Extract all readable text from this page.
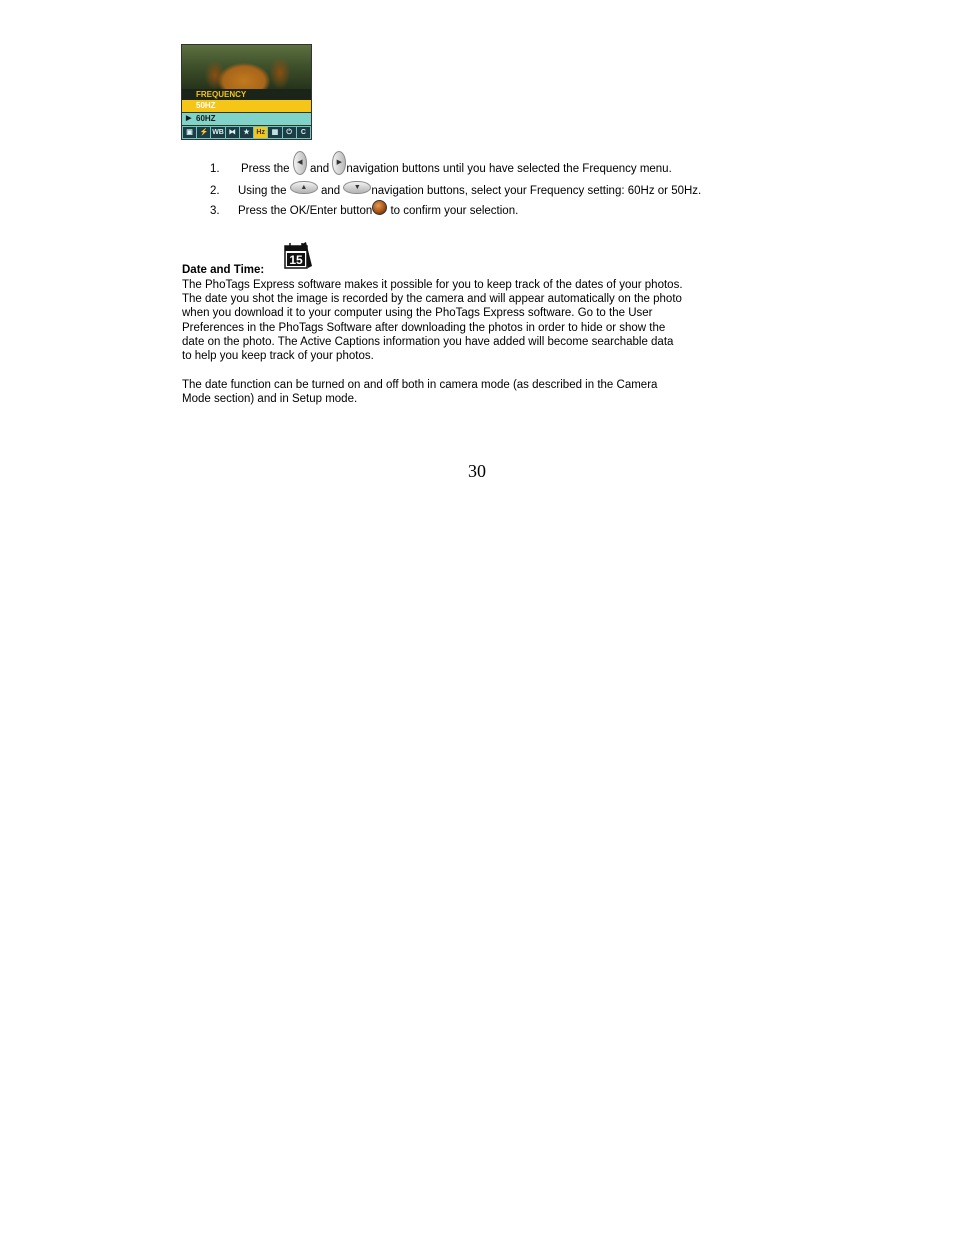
FREQUENCY
50HZ
▶ 60HZ
▣ ⚡ WB ⧓	★ Hz ▦	⏻	C
1. Press the ◀ and ▶navigation buttons until you have selected the Frequency menu.
2. Using the ▲ and ▼ navigation buttons, select your Frequency setting: 60Hz or 50Hz.
3. Press the OK/Enter button to confirm your selection.
15
Date and Time:

The PhoTags Express software makes it possible for you to keep track of the dates of your photos.
The date you shot the image is recorded by the camera and will appear automatically on the photo
when you download it to your computer using the PhoTags Express software. Go to the User
Preferences in the PhoTags Software after downloading the photos in order to hide or show the
date on the photo. The Active Captions information you have added will become searchable data
to help you keep track of your photos.

The date function can be turned on and off both in camera mode (as described in the Camera
Mode section) and in Setup mode.

30
